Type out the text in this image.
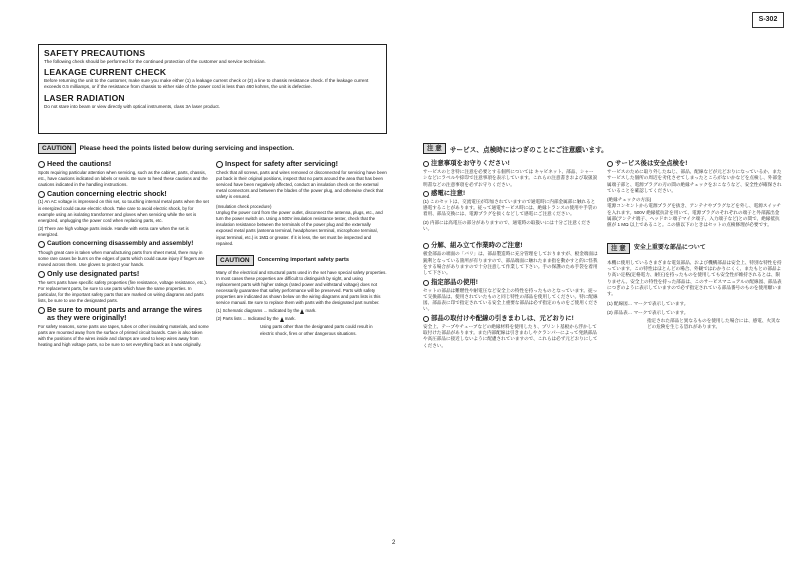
S-302
SAFETY PRECAUTIONS

The following check should be performed for the continued protection of the customer and service technician.

LEAKAGE CURRENT CHECK

Before returning the unit to the customer, make sure you make either (1) a leakage current check or (2) a line to chassis resistance check. If the leakage current exceeds 0.5 milliamps, or if the resistance from chassis to either side of the power cord is less than 460 kohms, the unit is defective.

LASER RADIATION

Do not stare into beam or view directly with optical instruments, class 3A laser product.

CAUTION	Please heed the points listed below during servicing and inspection.
Heed the cautions!

Spots requiring particular attention when servicing, such as the cabinet, parts, chassis, etc., have cautions indicated on labels or seals. Be sure to heed these cautions and the cautions indicated in the handling instructions.

Caution concerning electric shock!

(1) An AC voltage is impressed on this set, so touching internal metal parts when the set is energized could cause electric shock. Take care to avoid electric shock, by for example using an isolating transformer and gloves when servicing while the set is energized, unplugging the power cord when replacing parts, etc.

(2) There are high voltage parts inside. Handle with extra care when the set is energized.

Caution concerning disassembly and assembly!

Though great care is taken when manufacturing parts from sheet metal, there may in some rare cases be burrs on the edges of parts which could cause injury if fingers are moved across them. Use gloves to protect your hands.

Only use designated parts!

The set's parts have specific safety properties (fire resistance, voltage resistance, etc.). For replacement parts, be sure to use parts which have the same properties. In particular, for the important safety parts that are marked on wiring diagrams and parts lists, be sure to use the designated parts.

Be sure to mount parts and arrange the wires as they were originally!

For safety reasons, some parts use tapes, tubes or other insulating materials, and some parts are mounted away from the surface of printed circuit boards. Care is also taken with the positions of the wires inside and clamps are used to keep wires away from heating and high voltage parts, so be sure to set everything back as it was originally.

Inspect for safety after servicing!

Check that all screws, parts and wires removed or disconnected for servicing have been put back in their original positions, inspect that no parts around the area that has been serviced have been negatively affected, conduct an insulation check on the external metal connectors and between the blades of the power plug, and otherwise check that safety is ensured.

(Insulation check procedure)

Unplug the power cord from the power outlet, disconnect the antenna, plugs, etc., and turn the power switch on. Using a 500V insulation resistance tester, check that the insulation resistance between the terminals of the power plug and the externally exposed metal parts (antenna terminal, headphones terminal, microphone terminal, input terminal, etc.) is 1MΩ or greater. If it is less, the set must be inspected and repaired.

CAUTION	Concerning important safety parts

Many of the electrical and structural parts used in the set have special safety properties. In most cases these properties are difficult to distinguish by sight, and using replacement parts with higher ratings (rated power and withstand voltage) does not necessarily guarantee that safety performance will be preserved. Parts with safety properties are indicated as shown below on the wiring diagrams and parts lists is this service manual. Be sure to replace them with parts with the designated part number.

(1) Schematic diagrams ... Indicated by the mark.

(2) Parts lists ... Indicated by the mark.

Using parts other than the designated parts could result in electric shock, fires or other dangerous situations.

注 意	サービス、点検時にはつぎのことにご注意願います。
注意事項をお守りください!

サービスのとき特に注意を必要とする個所については キャビネット、部品、シャーシなどにラベルや捺印で注意事項を表示しています。これらの注意書きおよび取扱説明書などの注意事項を必ずお守りください。

感電に注意!

(1) このセットは、交流電圧が印加されていますので通電時に内部金属部に触れると感電することがあります。従って通電サービス時には、絶縁トランスの使用や手袋の着用、部品交換には、電源プラグを抜くなどして感電にご注意ください。

(2) 内部には高電圧の部分がありますので、通電時の取扱いには十分ご注意ください。

分解、組み立て作業時のご注意!

板金部品の端面の「バリ」は、部品製造時に充分管理をしておりますが、板金端面は鋭利となっている箇所が有りますので、部品端面に触れたまま指を動かすと的に怪我をする場合がありますので十分注意して作業して下さい。手の保護のため手袋を着用して下さい。

指定部品の使用!

セットの部品は難燃性や耐電圧など安全上の特性を持ったものとなっています。従って交換部品は、使用されていたものと同じ特性の部品を使用してください。特に配線図、部品表に印で指定されている安全上重要な部品は必ず指定のものをご使用ください。

部品の取付けや配線の引きまわしは、元どおりに!

安全上、テープやチューブなどの絶縁材料を使用したり、プリント基板から浮かして取付けた部品があります。また内部配線は引きまわしやクランパーによって発熱部品や高圧部品に接近しないように配慮されていますので、これらは必ず元どおりにしてください。

サービス後は安全点検を!

サービスのために取り外したねじ、部品、配線などが元どおりになっているか、またサービスした個所の周辺を劣化させてしまったところがないかなどを点検し、外部金属端子部と、電源プラグの刃の間の絶縁チェックをおこなうなど、安全性が確保されていることを確認してください。

(絶縁チェックの方法)

電源コンセントから電源プラグを抜き、アンテナやプラグなどを外し、電源スイッチを入れます。500V 絶縁抵抗計を用いて、電源プラグのそれぞれの端子と外部露出金属部(アンテナ端子、ヘッドホン端子マイク端子、入力端子など)との間で、絶縁抵抗値が 1 MΩ 以上であること。この値以下のときはセットの点検修理が必要です。

注 意	安全上重要な部品について

本機に使用しているさまざまな電気部品、および機構部品は安全上、特別な特性を持っています。この特性はほとんどの場合、外観ではわかりにくく、またもとの部品より高い定格(定格電力、耐圧)を持ったものを使用しても安全性が維持されるとは、限りません。安全上の特性を持った部品は、このサービスマニュアルの配線図、部品表につぎのように表示していますので必ず指定されている部品番号のものを使用願います。

(1) 配線図… マークで表示しています。

(2) 部品表… マークで表示しています。

指定された部品と異なるものを使用した場合には、感電、火災などの危険を生じる恐れがあります。

2
